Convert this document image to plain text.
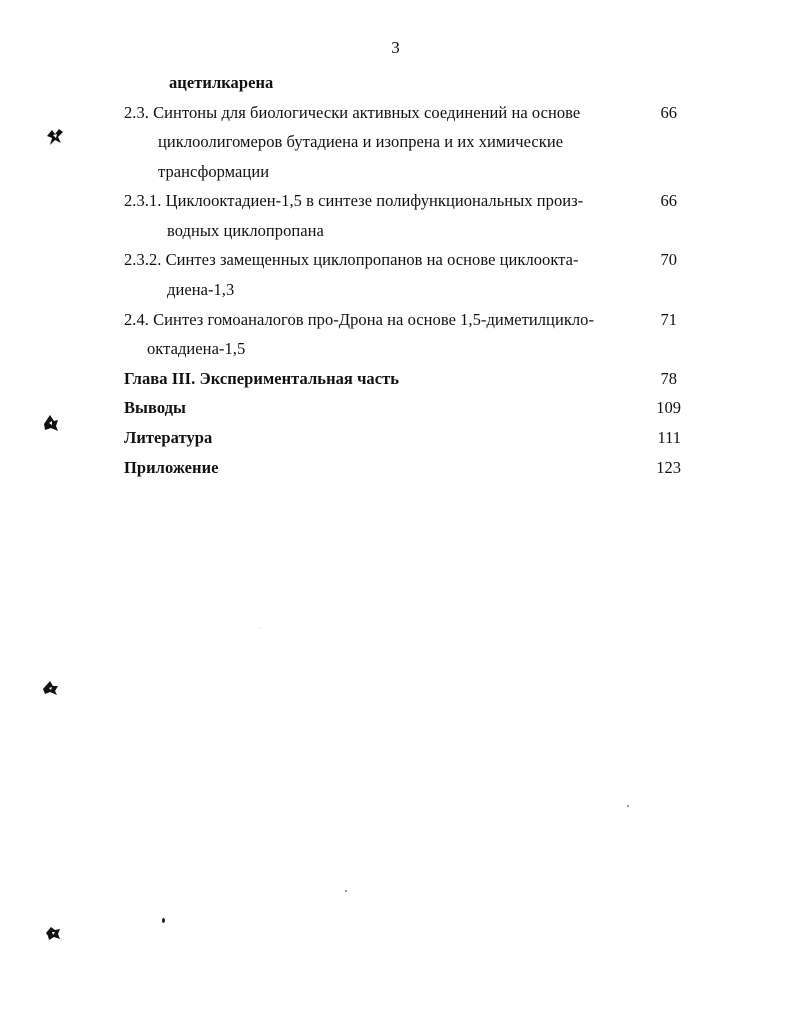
3
ацетилкарена
2.3. Синтоны для биологически активных соединений на основе	66
циклоолигомеров бутадиена и изопрена и их химические
трансформации
2.3.1. Циклооктадиен-1,5 в синтезе полифункциональных произ-	66
водных циклопропана
2.3.2. Синтез замещенных циклопропанов на основе циклоокта-	70
диена-1,3
2.4. Синтез гомоаналогов про-Дрона на основе 1,5-диметилцикло-	71
октадиена-1,5
Глава III. Экспериментальная часть	78
Выводы	109
Литература	111
Приложение	123
